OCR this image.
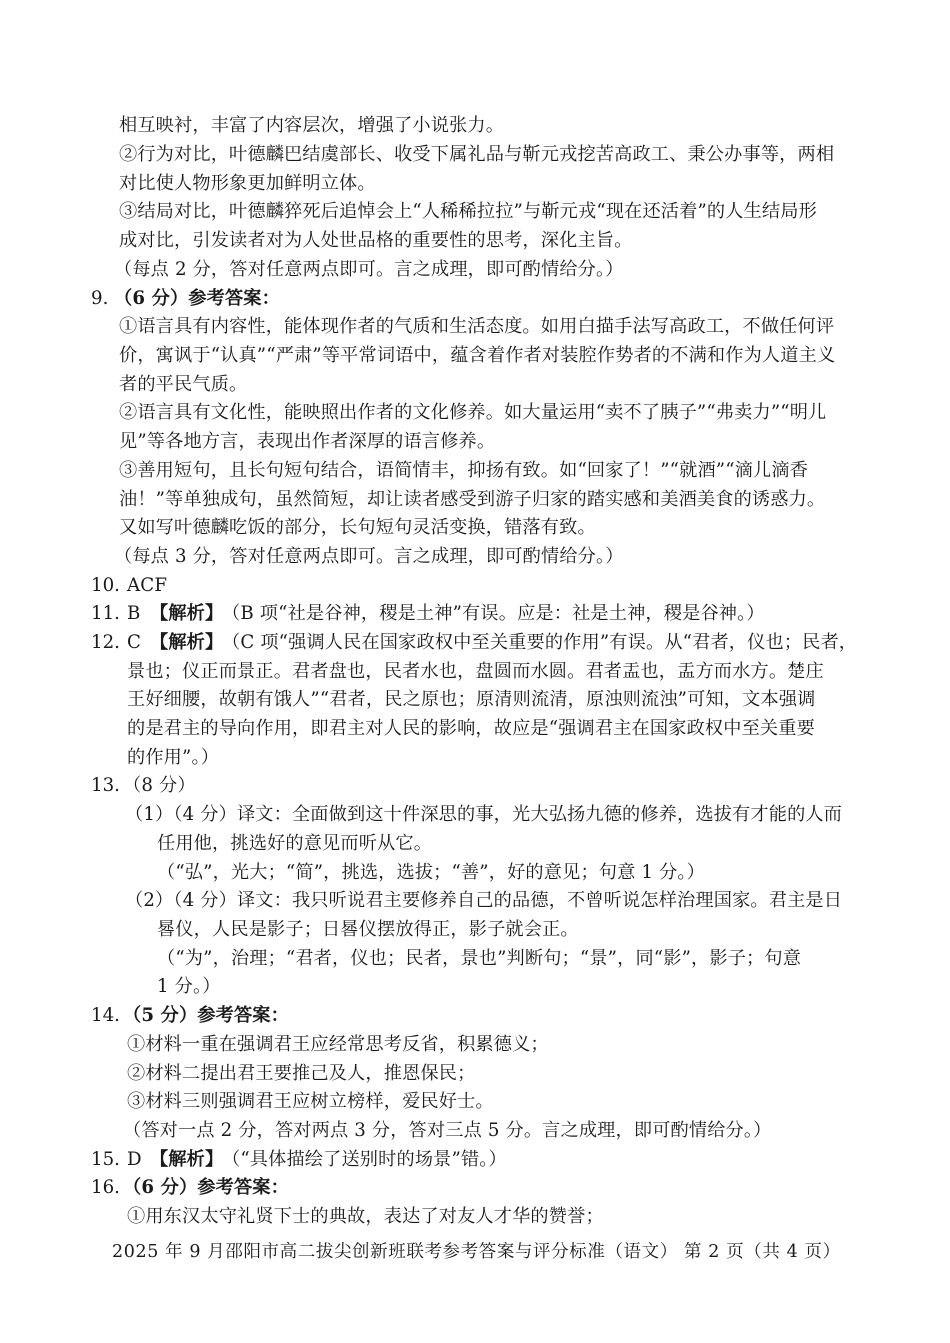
相互映衬，丰富了内容层次，增强了小说张力。
②行为对比，叶德麟巴结虞部长、收受下属礼品与靳元戎挖苦高政工、秉公办事等，两相
对比使人物形象更加鲜明立体。
③结局对比，叶德麟猝死后追悼会上“人稀稀拉拉”与靳元戎“现在还活着”的人生结局形
成对比，引发读者对为人处世品格的重要性的思考，深化主旨。
（每点 2 分，答对任意两点即可。言之成理，即可酌情给分。）
9. （6 分）参考答案：
①语言具有内容性，能体现作者的气质和生活态度。如用白描手法写高政工，不做任何评
价，寓讽于“认真”“严肃”等平常词语中，蕴含着作者对装腔作势者的不满和作为人道主义
者的平民气质。
②语言具有文化性，能映照出作者的文化修养。如大量运用“卖不了胰子”“弗卖力”“明儿
见”等各地方言，表现出作者深厚的语言修养。
③善用短句，且长句短句结合，语简情丰，抑扬有致。如“回家了！”“就酒”“滴儿滴香
油！”等单独成句，虽然简短，却让读者感受到游子归家的踏实感和美酒美食的诱惑力。
又如写叶德麟吃饭的部分，长句短句灵活变换，错落有致。
（每点 3 分，答对任意两点即可。言之成理，即可酌情给分。）
10. ACF
11. B 【解析】
（B 项“社是谷神，稷是土神”有误。应是：社是土神，稷是谷神。）
12. C 【解析】
（C 项“强调人民在国家政权中至关重要的作用”有误。从“君者，仪也；民者，
景也；仪正而景正。君者盘也，民者水也，盘圆而水圆。君者盂也，盂方而水方。楚庄
王好细腰，故朝有饿人”“君者，民之原也；原清则流清，原浊则流浊”可知，文本强调
的是君主的导向作用，即君主对人民的影响，故应是“强调君主在国家政权中至关重要
的作用”。）
13. （8 分）
（1）（4 分）译文：全面做到这十件深思的事，光大弘扬九德的修养，选拔有才能的人而
任用他，挑选好的意见而听从它。
（“弘”，光大；“简”，挑选，选拔；“善”，好的意见；句意 1 分。）
（2）（4 分）译文：我只听说君主要修养自己的品德，不曾听说怎样治理国家。君主是日
晷仪，人民是影子；日晷仪摆放得正，影子就会正。
（“为”，治理；“君者，仪也；民者，景也”判断句；“景”，同“影”，影子；句意
1 分。）
14. （5 分）参考答案：
①材料一重在强调君王应经常思考反省，积累德义；
②材料二提出君王要推己及人，推恩保民；
③材料三则强调君王应树立榜样，爱民好士。
（答对一点 2 分，答对两点 3 分，答对三点 5 分。言之成理，即可酌情给分。）
15. D 【解析】
（“具体描绘了送别时的场景”错。）
16. （6 分）参考答案：
①用东汉太守礼贤下士的典故，表达了对友人才华的赞誉；
2025 年 9 月邵阳市高二拔尖创新班联考参考答案与评分标准（语文） 第 2 页（共 4 页）
